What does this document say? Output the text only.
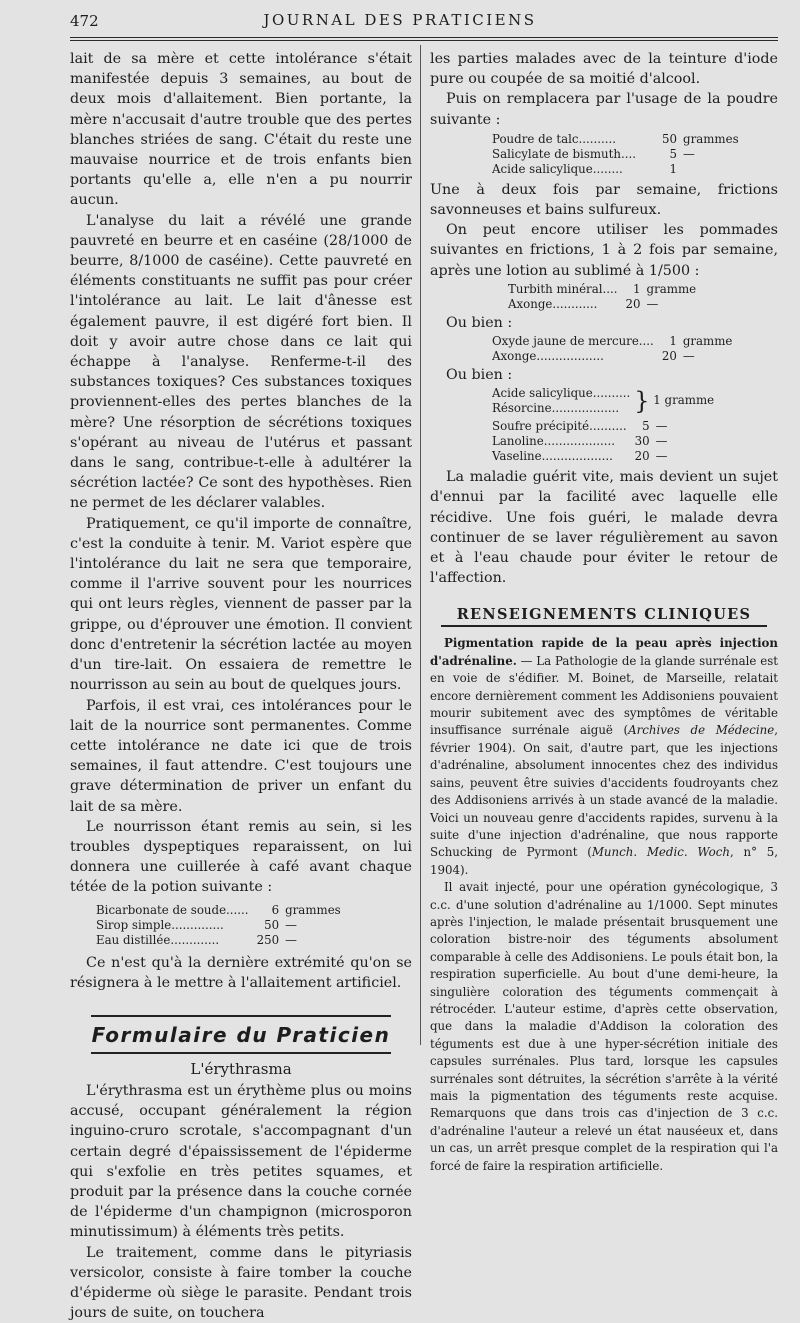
472	JOURNAL DES PRATICIENS

lait de sa mère et cette intolérance s'était manifestée depuis 3 semaines, au bout de deux mois d'allaitement. Bien portante, la mère n'accusait d'autre trouble que des pertes blanches striées de sang. C'était du reste une mauvaise nourrice et de trois enfants bien portants qu'elle a, elle n'en a pu nourrir aucun.

L'analyse du lait a révélé une grande pauvreté en beurre et en caséine (28/1000 de beurre, 8/1000 de caséine). Cette pauvreté en éléments constituants ne suffit pas pour créer l'intolérance au lait. Le lait d'ânesse est également pauvre, il est digéré fort bien. Il doit y avoir autre chose dans ce lait qui échappe à l'analyse. Renferme-t-il des substances toxiques? Ces substances toxiques proviennent-elles des pertes blanches de la mère? Une résorption de sécrétions toxiques s'opérant au niveau de l'utérus et passant dans le sang, contribue-t-elle à adultérer la sécrétion lactée? Ce sont des hypothèses. Rien ne permet de les déclarer valables.

Pratiquement, ce qu'il importe de connaître, c'est la conduite à tenir. M. Variot espère que l'intolérance du lait ne sera que temporaire, comme il l'arrive souvent pour les nourrices qui ont leurs règles, viennent de passer par la grippe, ou d'éprouver une émotion. Il convient donc d'entretenir la sécrétion lactée au moyen d'un tire-lait. On essaiera de remettre le nourrisson au sein au bout de quelques jours.

Parfois, il est vrai, ces intolérances pour le lait de la nourrice sont permanentes. Comme cette intolérance ne date ici que de trois semaines, il faut attendre. C'est toujours une grave détermination de priver un enfant du lait de sa mère.

Le nourrisson étant remis au sein, si les troubles dyspeptiques reparaissent, on lui donnera une cuillerée à café avant chaque tétée de la potion suivante :

Bicarbonate de soude......	6	grammes
Sirop simple..............	50	—
Eau distillée.............	250	—

Ce n'est qu'à la dernière extrémité qu'on se résignera à le mettre à l'allaitement artificiel.

Formulaire du Praticien
L'érythrasma

L'érythrasma est un érythème plus ou moins accusé, occupant généralement la région inguino-cruro scrotale, s'accompagnant d'un certain degré d'épaississement de l'épiderme qui s'exfolie en très petites squames, et produit par la présence dans la couche cornée de l'épiderme d'un champignon (microsporon minutissimum) à éléments très petits.

Le traitement, comme dans le pityriasis versicolor, consiste à faire tomber la couche d'épiderme où siège le parasite. Pendant trois jours de suite, on touchera

les parties malades avec de la teinture d'iode pure ou coupée de sa moitié d'alcool.

Puis on remplacera par l'usage de la poudre suivante :

Poudre de talc..........	50	grammes
Salicylate de bismuth....	5	—
Acide salicylique........	1	

Une à deux fois par semaine, frictions savonneuses et bains sulfureux.

On peut encore utiliser les pommades suivantes en frictions, 1 à 2 fois par semaine, après une lotion au sublimé à 1/500 :

Turbith minéral....	1	gramme
Axonge............	20	—

Ou bien :

Oxyde jaune de mercure....	1	gramme
Axonge..................	20	—

Ou bien :

Acide salicylique..........	} 1 gramme
Résorcine..................
Soufre précipité..........	5	—
Lanoline...................	30	—
Vaseline...................	20	—

La maladie guérit vite, mais devient un sujet d'ennui par la facilité avec laquelle elle récidive. Une fois guéri, le malade devra continuer de se laver régulièrement au savon et à l'eau chaude pour éviter le retour de l'affection.

RENSEIGNEMENTS CLINIQUES

Pigmentation rapide de la peau après injection d'adrénaline. — La Pathologie de la glande surrénale est en voie de s'édifier. M. Boinet, de Marseille, relatait encore dernièrement comment les Addisoniens pouvaient mourir subitement avec des symptômes de véritable insuffisance surrénale aiguë (Archives de Médecine, février 1904). On sait, d'autre part, que les injections d'adrénaline, absolument innocentes chez des individus sains, peuvent être suivies d'accidents foudroyants chez des Addisoniens arrivés à un stade avancé de la maladie. Voici un nouveau genre d'accidents rapides, survenu à la suite d'une injection d'adrénaline, que nous rapporte Schucking de Pyrmont (Munch. Medic. Woch, n° 5, 1904).

Il avait injecté, pour une opération gynécologique, 3 c.c. d'une solution d'adrénaline au 1/1000. Sept minutes après l'injection, le malade présentait brusquement une coloration bistre-noir des téguments absolument comparable à celle des Addisoniens. Le pouls était bon, la respiration superficielle. Au bout d'une demi-heure, la singulière coloration des téguments commençait à rétrocéder. L'auteur estime, d'après cette observation, que dans la maladie d'Addison la coloration des téguments est due à une hyper-sécrétion initiale des capsules surrénales. Plus tard, lorsque les capsules surrénales sont détruites, la sécrétion s'arrête à la vérité mais la pigmentation des téguments reste acquise. Remarquons que dans trois cas d'injection de 3 c.c. d'adrénaline l'auteur a relevé un état nauséeux et, dans un cas, un arrêt presque complet de la respiration qui l'a forcé de faire la respiration artificielle.
